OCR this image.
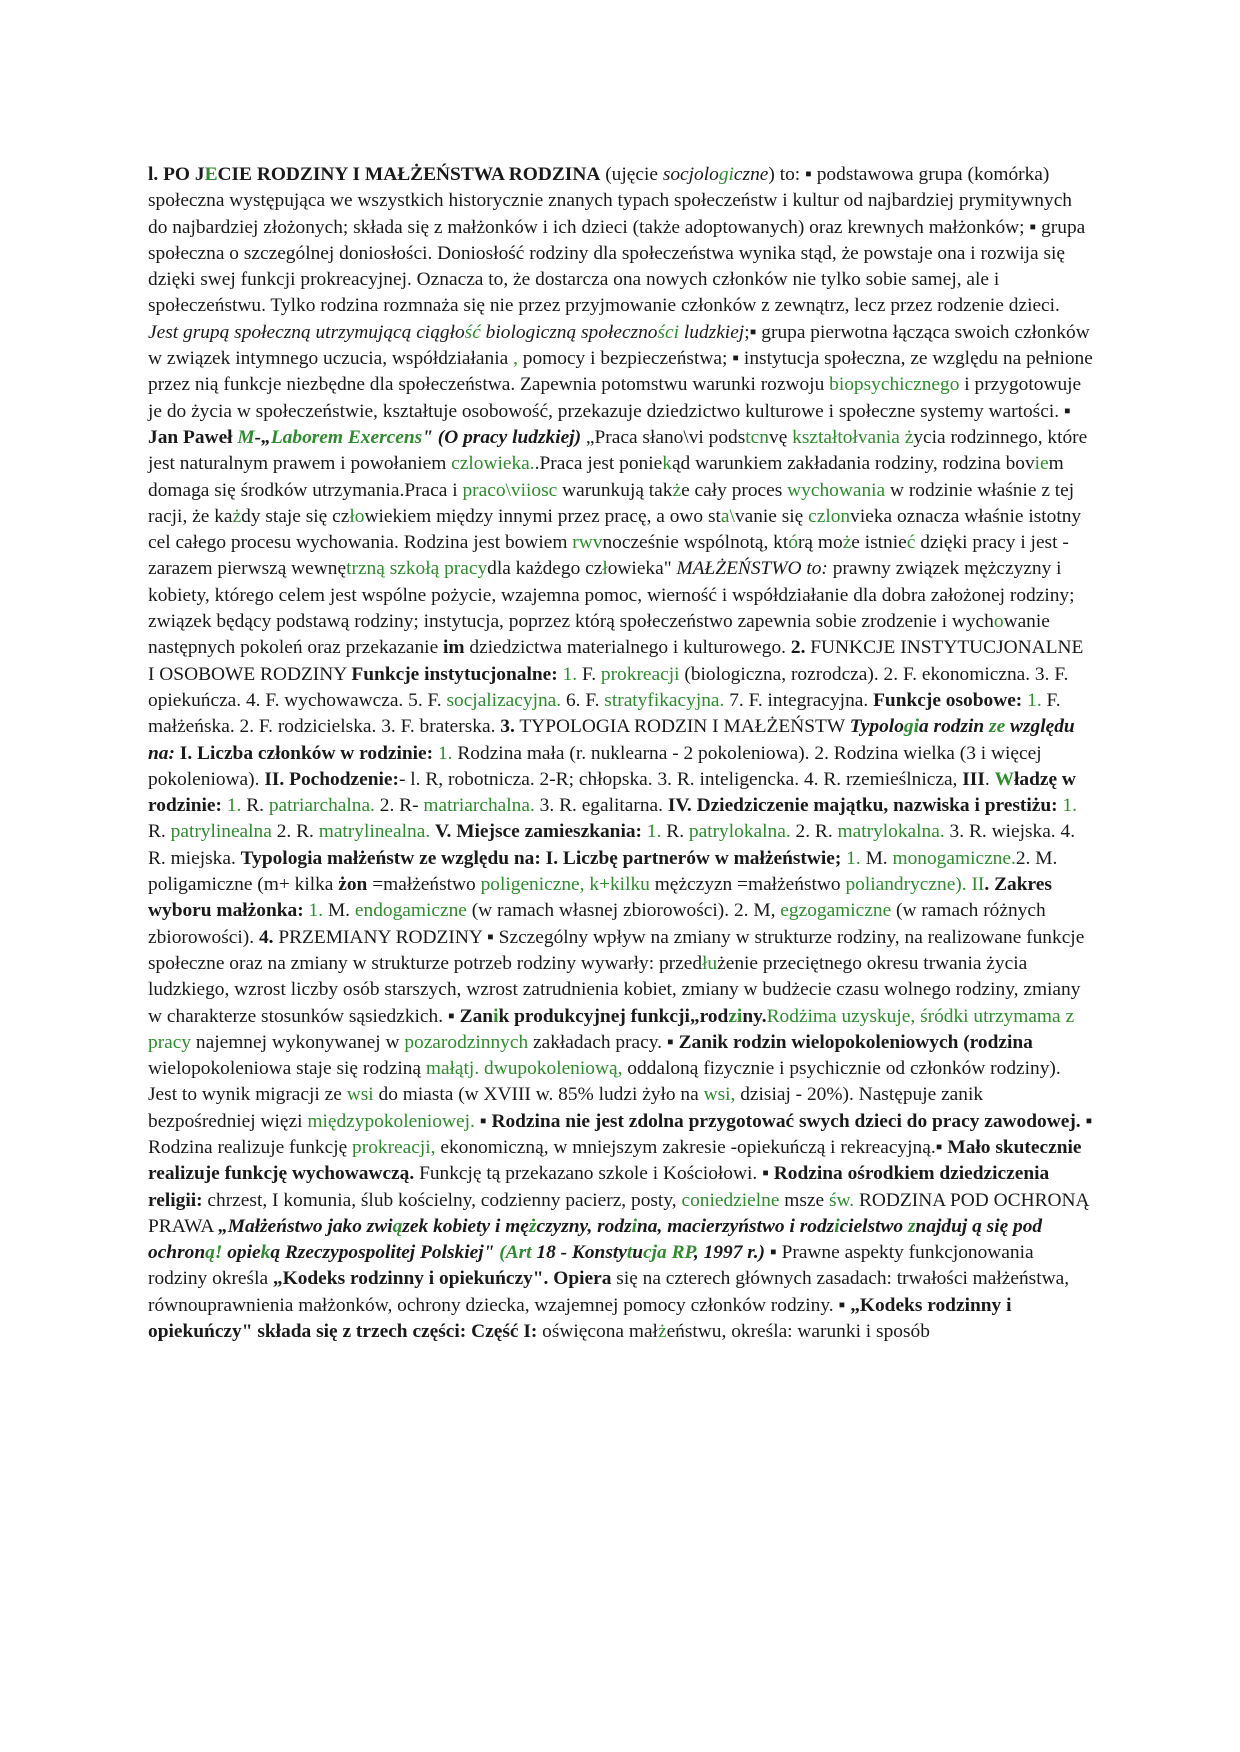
l. PO JECIE RODZINY I MAŁŻEŃSTWA RODZINA (ujęcie socjologiczne) to: ▪ podstawowa grupa (komórka) społeczna występująca we wszystkich historycznie znanych typach społeczeństw i kultur od najbardziej prymitywnych do najbardziej złożonych; składa się z małżonków i ich dzieci (także adoptowanych) oraz krewnych małżonków; ▪ grupa społeczna o szczególnej doniosłości. Doniosłość rodziny dla społeczeństwa wynika stąd, że powstaje ona i rozwija się dzięki swej funkcji prokreacyjnej. Oznacza to, że dostarcza ona nowych członków nie tylko sobie samej, ale i społeczeństwu. Tylko rodzina rozmnaża się nie przez przyjmowanie członków z zewnątrz, lecz przez rodzenie dzieci. Jest grupą społeczną utrzymującą ciągłość biologiczną społeczności ludzkiej;▪ grupa pierwotna łącząca swoich członków w związek intymnego uczucia, współdziałania , pomocy i bezpieczeństwa; ▪ instytucja społeczna, ze względu na pełnione przez nią funkcje niezbędne dla społeczeństwa. Zapewnia potomstwu warunki rozwoju biopsychicznego i przygotowuje je do życia w społeczeństwie, kształtuje osobowość, przekazuje dziedzictwo kulturowe i społeczne systemy wartości. ▪ Jan Paweł M-„Laborem Exercens" (O pracy ludzkiej) „Praca słano\vi podstcnvę kształtołvania życia rodzinnego, które jest naturalnym prawem i powołaniem czlowieka..Praca jest poniekąd warunkiem zakładania rodziny, rodzina boviem domaga się środków utrzymania.Praca i praco\viiosc warunkują także cały proces wychowania w rodzinie właśnie z tej racji, że każdy staje się człowiekiem między innymi przez pracę, a owo sta\vanie się czlonvieka oznacza właśnie istotny cel całego procesu wychowania. Rodzina jest bowiem rwvnocześnie wspólnotą, którą może istnieć dzięki pracy i jest - zarazem pierwszą wewnętrzną szkołą pracydla każdego człowieka" MAŁŻEŃSTWO to: prawny związek mężczyzny i kobiety, którego celem jest wspólne pożycie, wzajemna pomoc, wierność i współdziałanie dla dobra założonej rodziny; związek będący podstawą rodziny; instytucja, poprzez którą społeczeństwo zapewnia sobie zrodzenie i wychowanie następnych pokoleń oraz przekazanie im dziedzictwa materialnego i kulturowego. 2. FUNKCJE INSTYTUCJONALNE I OSOBOWE RODZINY Funkcje instytucjonalne: 1. F. prokreacji (biologiczna, rozrodcza). 2. F. ekonomiczna. 3. F. opiekuńcza. 4. F. wychowawcza. 5. F. socjalizacyjna. 6. F. stratyfikacyjna. 7. F. integracyjna. Funkcje osobowe: 1. F. małżeńska. 2. F. rodzicielska. 3. F. braterska. 3. TYPOLOGIA RODZIN I MAŁŻEŃSTW Typologia rodzin ze względu na: I. Liczba członków w rodzinie: 1. Rodzina mała (r. nuklearna - 2 pokoleniowa). 2. Rodzina wielka (3 i więcej pokoleniowa). II. Pochodzenie:- l. R, robotnicza. 2-R; chłopska. 3. R. inteligencka. 4. R. rzemieślnicza, III. Władzę w rodzinie: 1. R. patriarchalna. 2. R- matriarchalna. 3. R. egalitarna. IV. Dziedziczenie majątku, nazwiska i prestiżu: 1. R. patrylinealna 2. R. matrylinealna. V. Miejsce zamieszkania: 1. R. patrylokalna. 2. R. matrylokalna. 3. R. wiejska. 4. R. miejska. Typologia małżeństw ze względu na: I. Liczbę partnerów w małżeństwie; 1. M. monogamiczne.2. M. poligamiczne (m+ kilka żon =małżeństwo poligeniczne, k+kilku mężczyzn =małżeństwo poliandryczne). II. Zakres wyboru małżonka: 1. M. endogamiczne (w ramach własnej zbiorowości). 2. M, egzogamiczne (w ramach różnych zbiorowości). 4. PRZEMIANY RODZINY ▪ Szczególny wpływ na zmiany w strukturze rodziny, na realizowane funkcje społeczne oraz na zmiany w strukturze potrzeb rodziny wywarły: przedłużenie przeciętnego okresu trwania życia ludzkiego, wzrost liczby osób starszych, wzrost zatrudnienia kobiet, zmiany w budżecie czasu wolnego rodziny, zmiany w charakterze stosunków sąsiedzkich. ▪ Zanik produkcyjnej funkcji„rodziny.Rodżima uzyskuje, śródki utrzymama z pracy najemnej wykonywanej w pozarodzinnych zakładach pracy. ▪ Zanik rodzin wielopokoleniowych (rodzina wielopokoleniowa staje się rodziną małątj. dwupokoleniową, oddaloną fizycznie i psychicznie od członków rodziny). Jest to wynik migracji ze wsi do miasta (w XVIII w. 85% ludzi żyło na wsi, dzisiaj - 20%). Następuje zanik bezpośredniej więzi międzypokoleniowej. ▪ Rodzina nie jest zdolna przygotować swych dzieci do pracy zawodowej. ▪ Rodzina realizuje funkcję prokreacji, ekonomiczną, w mniejszym zakresie -opiekuńczą i rekreacyjną.▪ Mało skutecznie realizuje funkcję wychowawczą. Funkcję tą przekazano szkole i Kościołowi. ▪ Rodzina ośrodkiem dziedziczenia religii: chrzest, I komunia, ślub kościelny, codzienny pacierz, posty, coniedzielne msze św. RODZINA POD OCHRONĄ PRAWA „Małżeństwo jako związek kobiety i mężczyzny, rodzina, macierzyństwo i rodzicielstwo znajduj ą się pod ochroną! opieką Rzeczypospolitej Polskiej" (Art 18 - Konstytucja RP, 1997 r.) ▪ Prawne aspekty funkcjonowania rodziny określa „Kodeks rodzinny i opiekuńczy". Opiera się na czterech głównych zasadach: trwałości małżeństwa, równouprawnienia małżonków, ochrony dziecka, wzajemnej pomocy członków rodziny. ▪ „Kodeks rodzinny i opiekuńczy" składa się z trzech części: Część I: oświęcona małżeństwu, określa: warunki i sposób
